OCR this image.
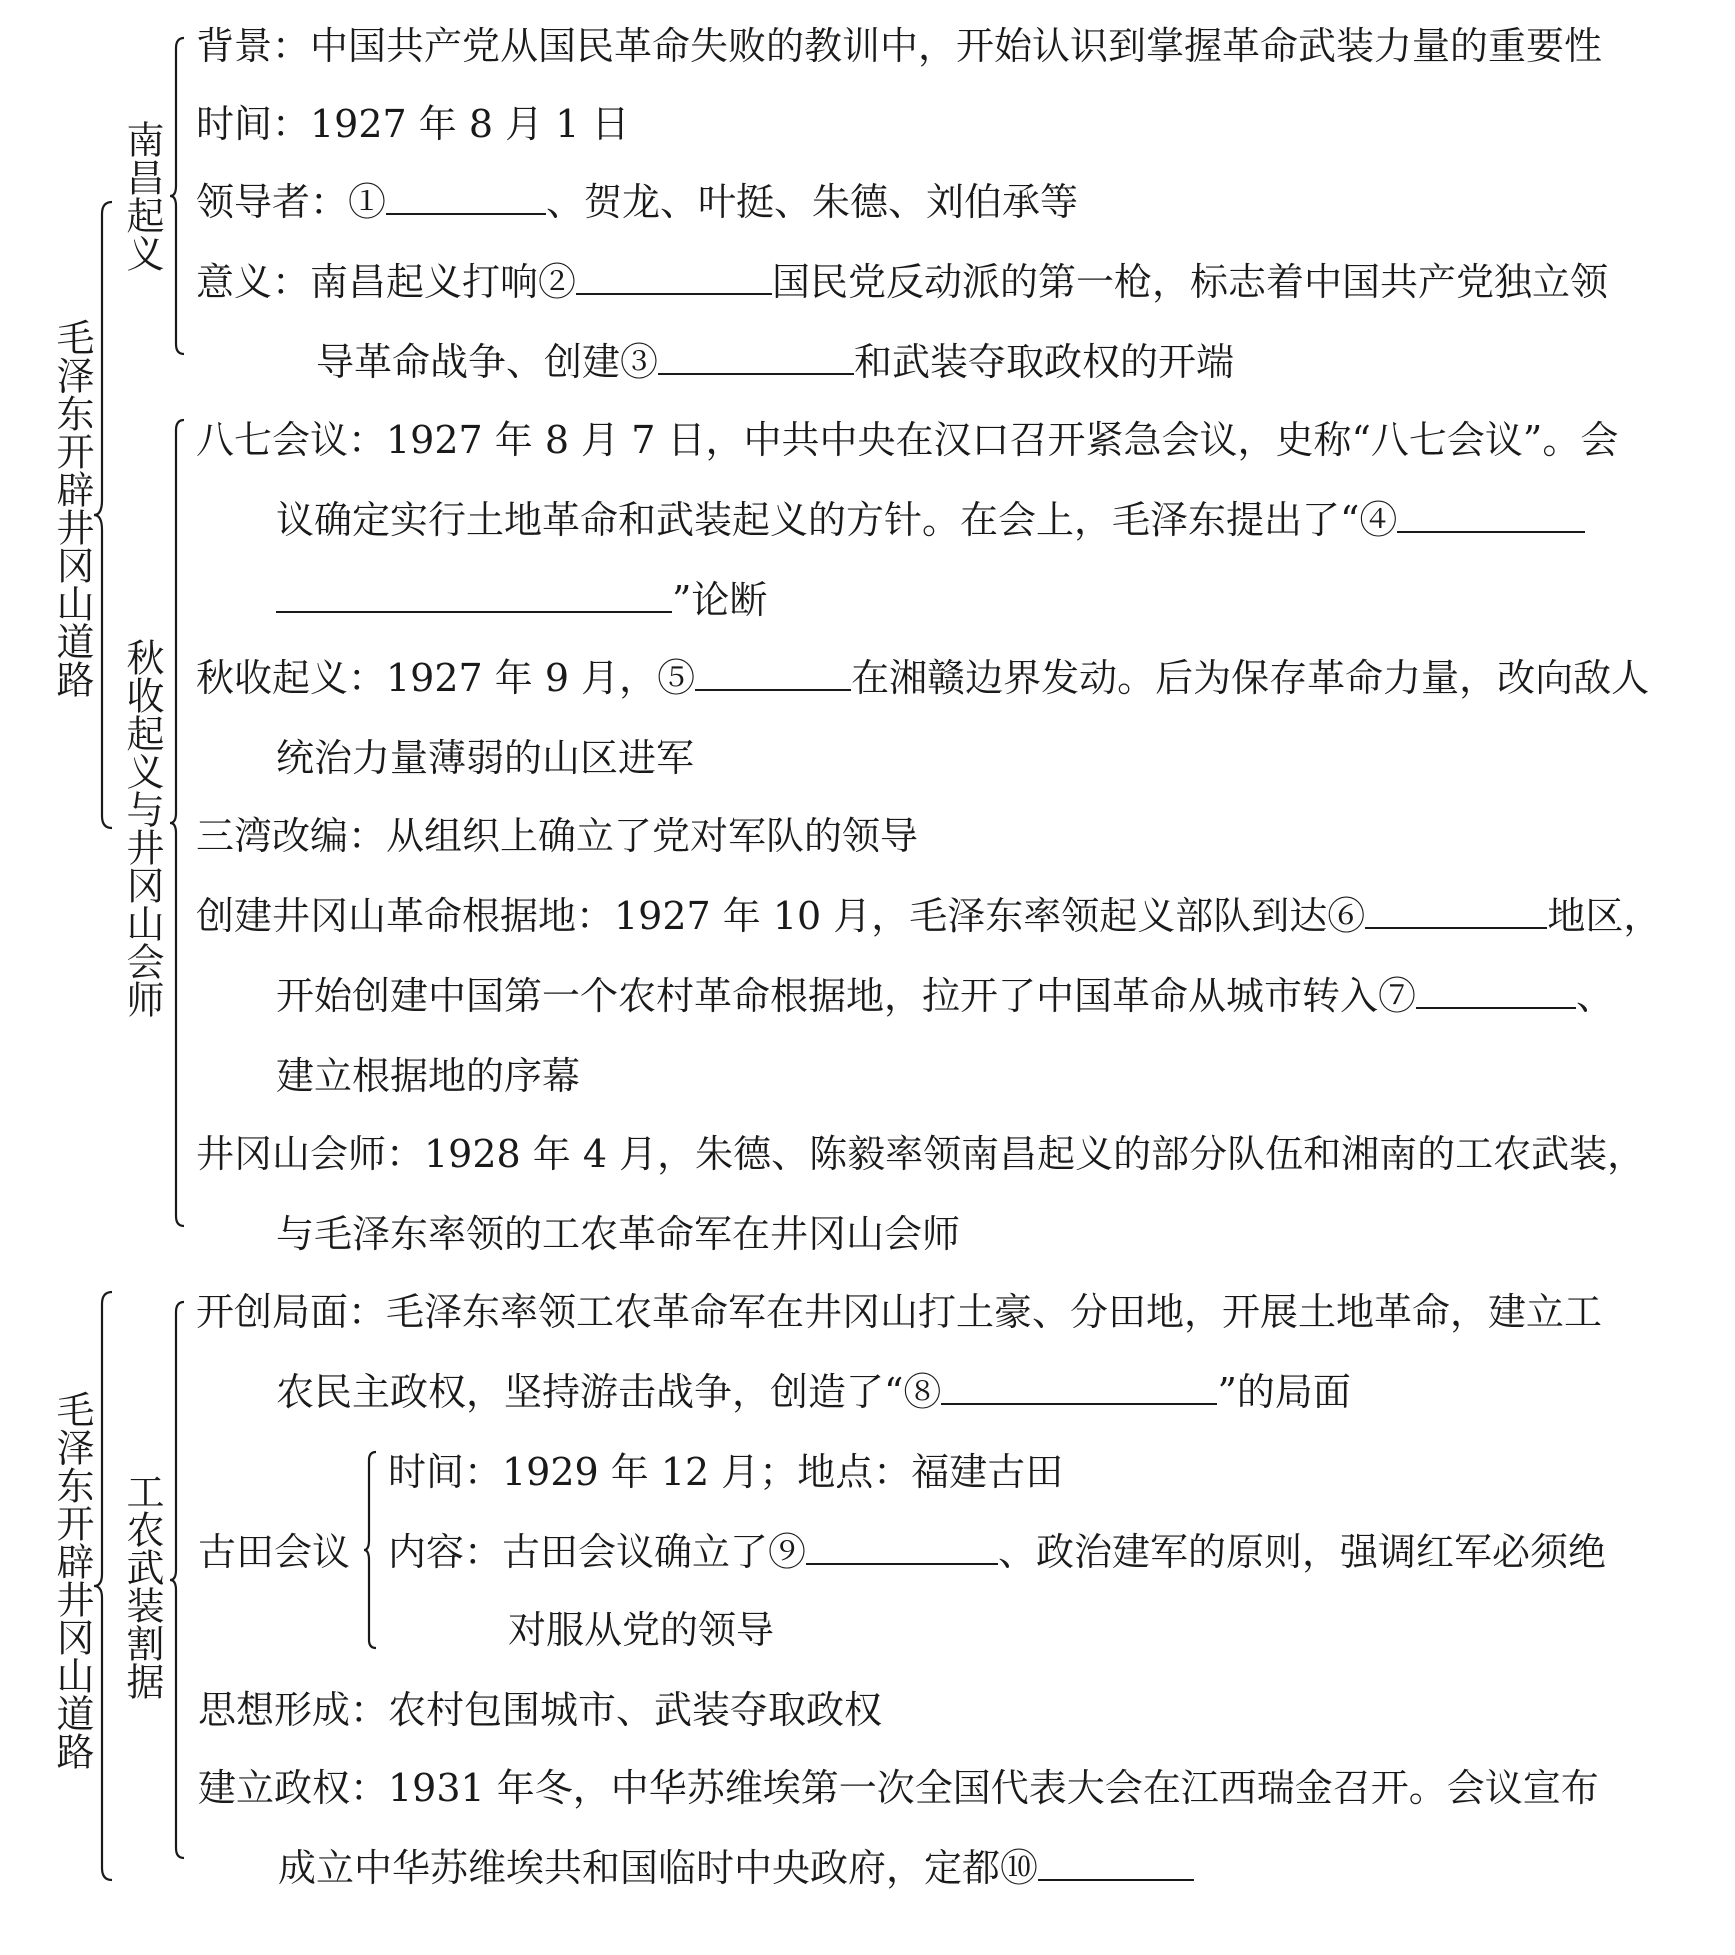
毛泽东开辟井冈山道路
南昌起义
秋收起义与井冈山会师
背景：中国共产党从国民革命失败的教训中，开始认识到掌握革命武装力量的重要性
时间：1927 年 8 月 1 日
领导者：①	、贺龙、叶挺、朱德、刘伯承等
意义：南昌起义打响②	国民党反动派的第一枪，标志着中国共产党独立领
导革命战争、创建③	和武装夺取政权的开端
八七会议：1927 年 8 月 7 日，中共中央在汉口召开紧急会议，史称“八七会议”。会
议确定实行土地革命和武装起义的方针。在会上，毛泽东提出了“④
”论断
秋收起义：1927 年 9 月，⑤	在湘赣边界发动。后为保存革命力量，改向敌人
统治力量薄弱的山区进军
三湾改编：从组织上确立了党对军队的领导
创建井冈山革命根据地：1927 年 10 月，毛泽东率领起义部队到达⑥	地区，
开始创建中国第一个农村革命根据地，拉开了中国革命从城市转入⑦	、
建立根据地的序幕
井冈山会师：1928 年 4 月，朱德、陈毅率领南昌起义的部分队伍和湘南的工农武装，
与毛泽东率领的工农革命军在井冈山会师
毛泽东开辟井冈山道路 工农武装割据
开创局面：毛泽东率领工农革命军在井冈山打土豪、分田地，开展土地革命，建立工
农民主政权，坚持游击战争，创造了“⑧	”的局面
古田会议
时间：1929 年 12 月；地点：福建古田
内容：古田会议确立了⑨	、政治建军的原则，强调红军必须绝
对服从党的领导
思想形成：农村包围城市、武装夺取政权
建立政权：1931 年冬，中华苏维埃第一次全国代表大会在江西瑞金召开。会议宣布
成立中华苏维埃共和国临时中央政府，定都⑩
